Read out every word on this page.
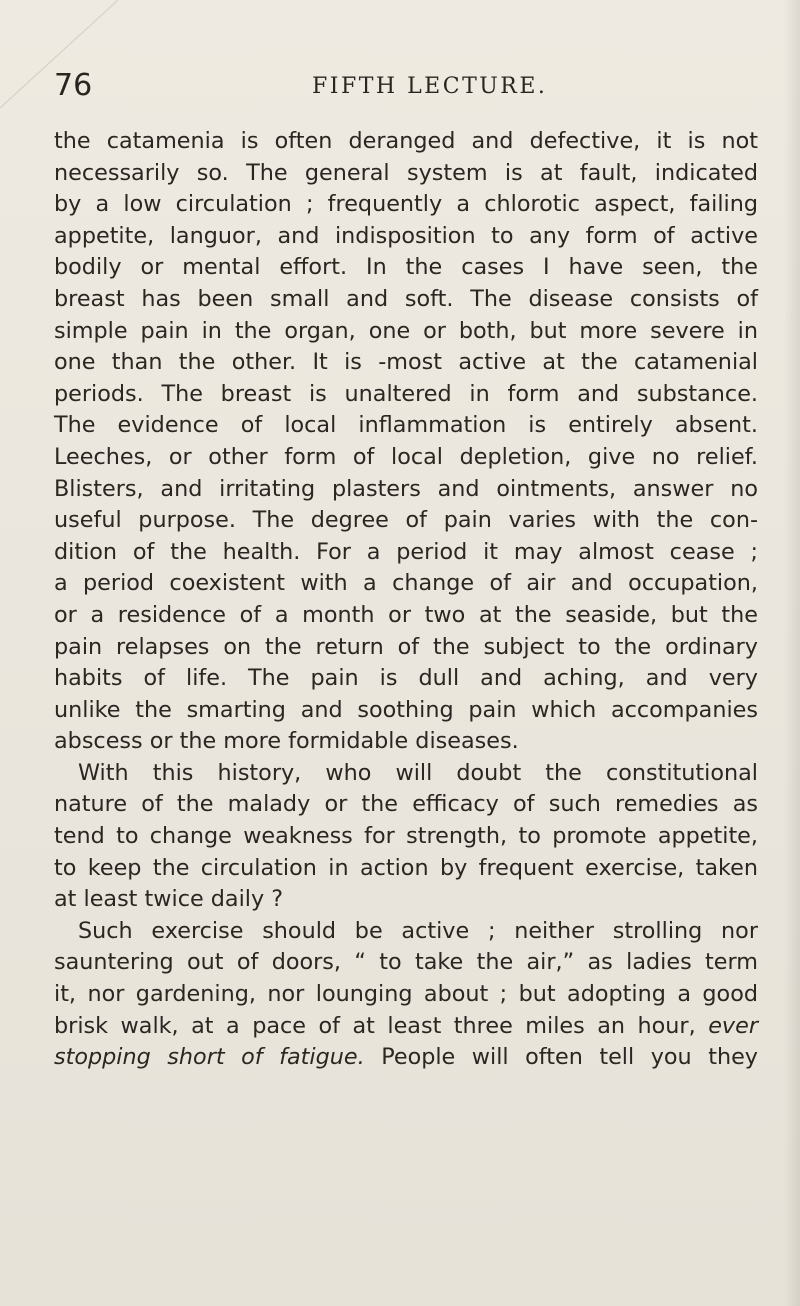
76	FIFTH LECTURE.
the catamenia is often deranged and defective, it is not
necessarily so. The general system is at fault, indicated
by a low circulation ; frequently a chlorotic aspect, failing
appetite, languor, and indisposition to any form of active
bodily or mental effort. In the cases I have seen, the
breast has been small and soft. The disease consists of
simple pain in the organ, one or both, but more severe in
one than the other. It is -most active at the catamenial
periods. The breast is unaltered in form and substance.
The evidence of local inflammation is entirely absent.
Leeches, or other form of local depletion, give no relief.
Blisters, and irritating plasters and ointments, answer no
useful purpose. The degree of pain varies with the con-
dition of the health. For a period it may almost cease ;
a period coexistent with a change of air and occupation,
or a residence of a month or two at the seaside, but the
pain relapses on the return of the subject to the ordinary
habits of life. The pain is dull and aching, and very
unlike the smarting and soothing pain which accompanies
abscess or the more formidable diseases.
With this history, who will doubt the constitutional
nature of the malady or the efficacy of such remedies as
tend to change weakness for strength, to promote appetite,
to keep the circulation in action by frequent exercise, taken
at least twice daily ?
Such exercise should be active ; neither strolling nor
sauntering out of doors, “ to take the air,” as ladies term
it, nor gardening, nor lounging about ; but adopting a good
brisk walk, at a pace of at least three miles an hour, ever
stopping short of fatigue. People will often tell you they
